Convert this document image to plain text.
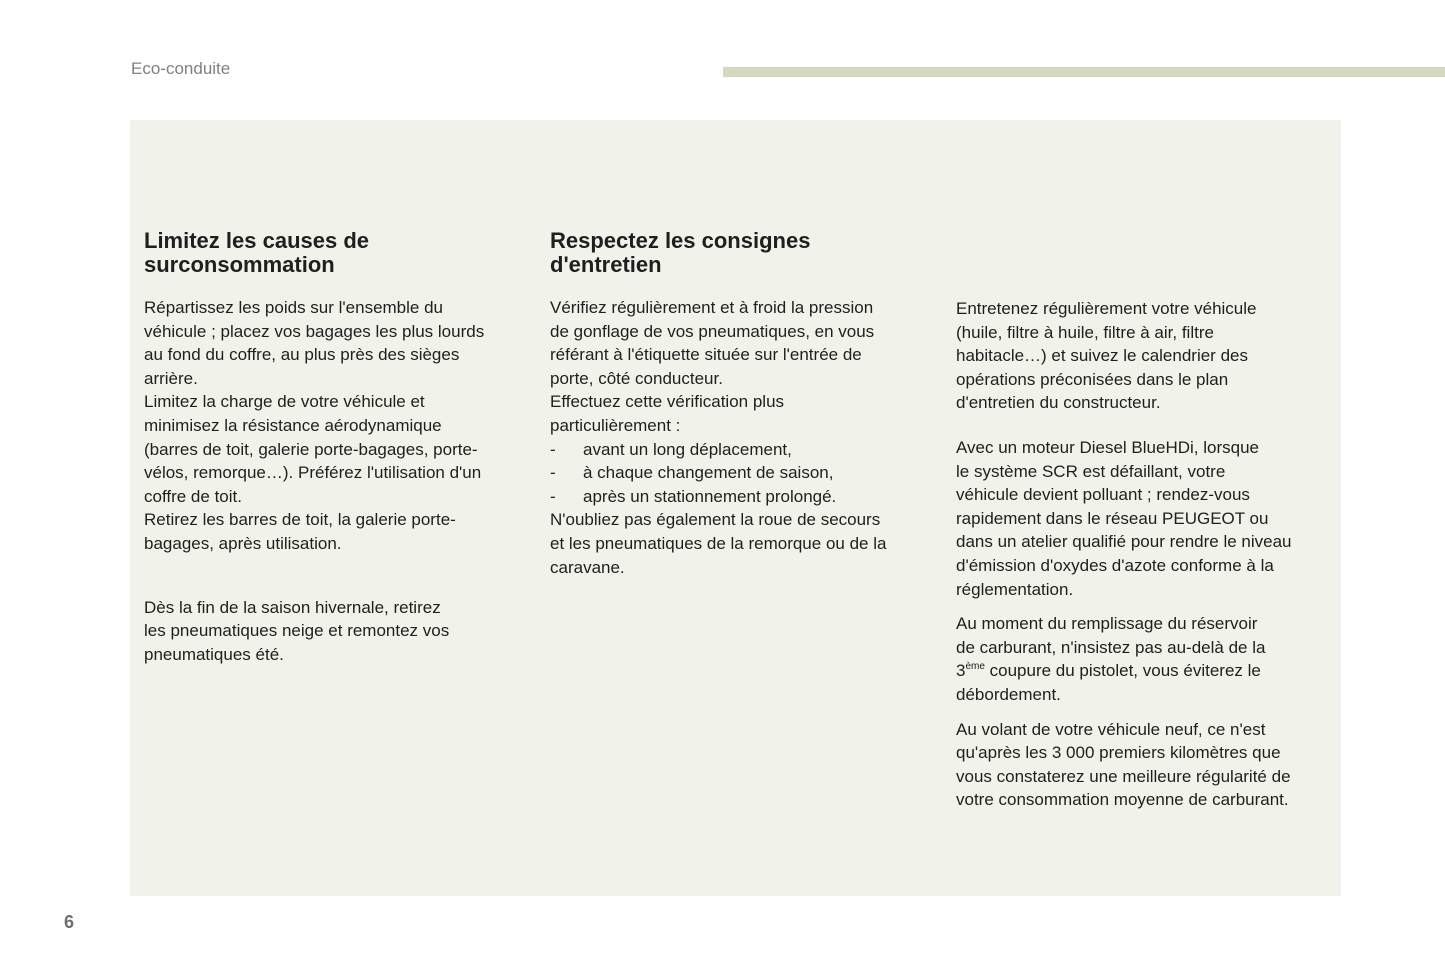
Eco-conduite
Limitez les causes de
surconsommation
Répartissez les poids sur l'ensemble du
véhicule ; placez vos bagages les plus lourds
au fond du coffre, au plus près des sièges
arrière.
Limitez la charge de votre véhicule et
minimisez la résistance aérodynamique
(barres de toit, galerie porte-bagages, porte-
vélos, remorque…). Préférez l'utilisation d'un
coffre de toit.
Retirez les barres de toit, la galerie porte-
bagages, après utilisation.
Dès la fin de la saison hivernale, retirez
les pneumatiques neige et remontez vos
pneumatiques été.
Respectez les consignes
d'entretien
Vérifiez régulièrement et à froid la pression
de gonflage de vos pneumatiques, en vous
référant à l'étiquette située sur l'entrée de
porte, côté conducteur.
Effectuez cette vérification plus
particulièrement :
- avant un long déplacement,
- à chaque changement de saison,
- après un stationnement prolongé.
N'oubliez pas également la roue de secours
et les pneumatiques de la remorque ou de la
caravane.
Entretenez régulièrement votre véhicule
(huile, filtre à huile, filtre à air, filtre
habitacle…) et suivez le calendrier des
opérations préconisées dans le plan
d'entretien du constructeur.
Avec un moteur Diesel BlueHDi, lorsque
le système SCR est défaillant, votre
véhicule devient polluant ; rendez-vous
rapidement dans le réseau PEUGEOT ou
dans un atelier qualifié pour rendre le niveau
d'émission d'oxydes d'azote conforme à la
réglementation.
Au moment du remplissage du réservoir
de carburant, n'insistez pas au-delà de la
3ème coupure du pistolet, vous éviterez le
débordement.
Au volant de votre véhicule neuf, ce n'est
qu'après les 3 000 premiers kilomètres que
vous constaterez une meilleure régularité de
votre consommation moyenne de carburant.
6
